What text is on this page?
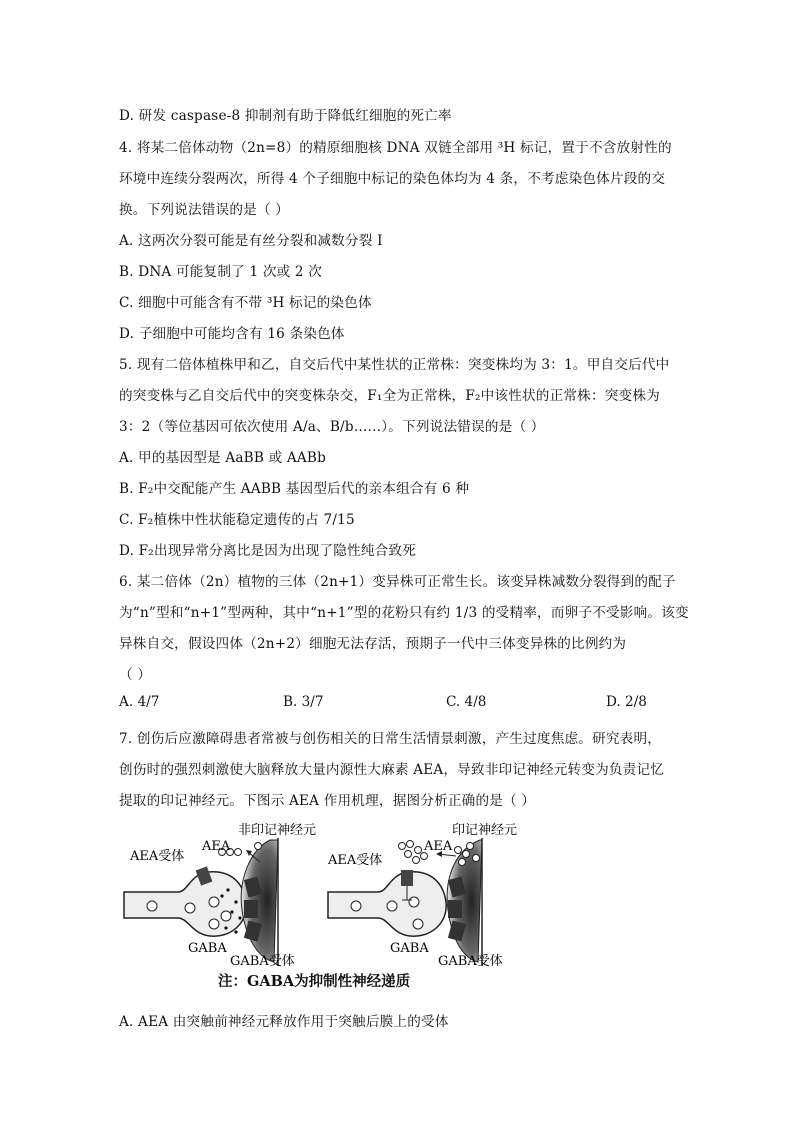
D. 研发 caspase-8 抑制剂有助于降低红细胞的死亡率
4. 将某二倍体动物（2n=8）的精原细胞核 DNA 双链全部用 ³H 标记，置于不含放射性的
环境中连续分裂两次，所得 4 个子细胞中标记的染色体均为 4 条，不考虑染色体片段的交
换。下列说法错误的是（ ）
A. 这两次分裂可能是有丝分裂和减数分裂 I
B. DNA 可能复制了 1 次或 2 次
C. 细胞中可能含有不带 ³H 标记的染色体
D. 子细胞中可能均含有 16 条染色体
5. 现有二倍体植株甲和乙，自交后代中某性状的正常株：突变株均为 3：1。甲自交后代中
的突变株与乙自交后代中的突变株杂交，F₁全为正常株，F₂中该性状的正常株：突变株为
3：2（等位基因可依次使用 A/a、B/b……）。下列说法错误的是（ ）
A. 甲的基因型是 AaBB 或 AABb
B. F₂中交配能产生 AABB 基因型后代的亲本组合有 6 种
C. F₂植株中性状能稳定遗传的占 7/15
D. F₂出现异常分离比是因为出现了隐性纯合致死
6. 某二倍体（2n）植物的三体（2n+1）变异株可正常生长。该变异株减数分裂得到的配子
为“n”型和“n+1”型两种，其中“n+1”型的花粉只有约 1/3 的受精率，而卵子不受影响。该变
异株自交，假设四体（2n+2）细胞无法存活，预期子一代中三体变异株的比例约为
（ ）
A. 4/7	B. 3/7	C. 4/8	D. 2/8
7. 创伤后应激障碍患者常被与创伤相关的日常生活情景刺激，产生过度焦虑。研究表明，
创伤时的强烈刺激使大脑释放大量内源性大麻素 AEA，导致非印记神经元转变为负责记忆
提取的印记神经元。下图示 AEA 作用机理，据图分析正确的是（ ）
非印记神经元
AEA
AEA受体
GABA
GABA受体
印记神经元
AEA
AEA受体
GABA
GABA受体
注：GABA为抑制性神经递质
A. AEA 由突触前神经元释放作用于突触后膜上的受体
